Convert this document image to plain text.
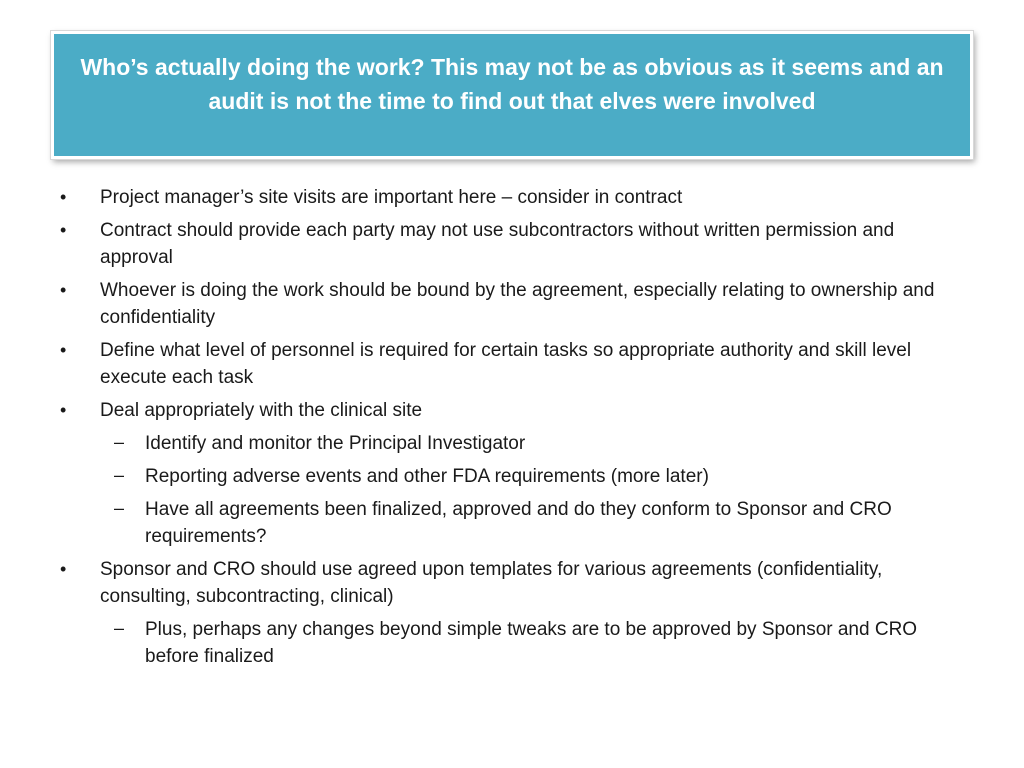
Who’s actually doing the work? This may not be as obvious as it seems and an audit is not the time to find out that elves were involved
• Project manager’s site visits are important here – consider in contract
• Contract should provide each party may not use subcontractors without written permission and approval
• Whoever is doing the work should be bound by the agreement, especially relating to ownership and confidentiality
• Define what level of personnel is required for certain tasks so appropriate authority and skill level execute each task
• Deal appropriately with the clinical site
– Identify and monitor the Principal Investigator
– Reporting adverse events and other FDA requirements (more later)
– Have all agreements been finalized, approved and do they conform to Sponsor and CRO requirements?
• Sponsor and CRO should use agreed upon templates for various agreements (confidentiality, consulting, subcontracting, clinical)
– Plus, perhaps any changes beyond simple tweaks are to be approved by Sponsor and CRO before finalized
